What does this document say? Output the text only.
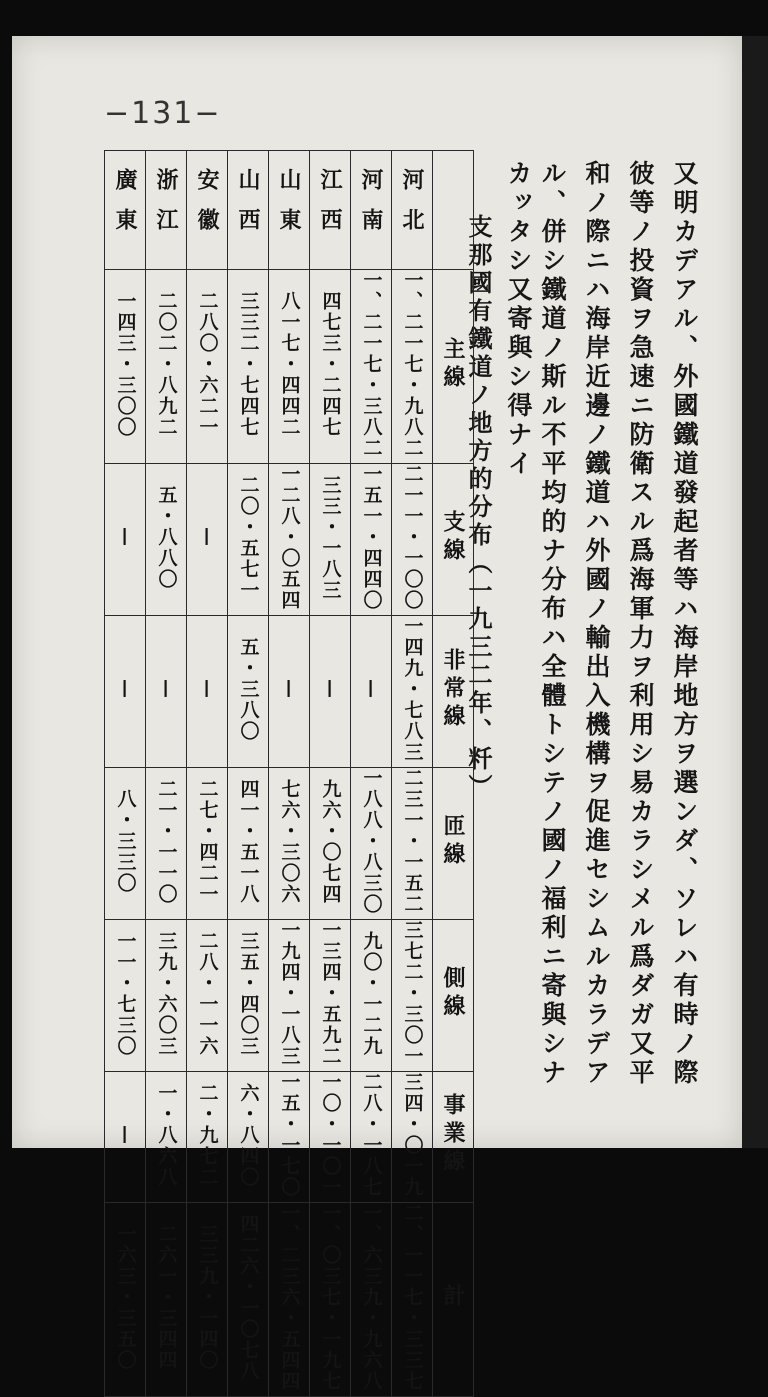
−131−
又明カデアル、外國鐵道發起者等ハ海岸地方ヲ選ンダ、ソレハ有時ノ際
彼等ノ投資ヲ急速ニ防衛スル爲海軍力ヲ利用シ易カラシメル爲ダガ又平
和ノ際ニハ海岸近邊ノ鐵道ハ外國ノ輸出入機構ヲ促進セシムルカラデア
ル、併シ鐵道ノ斯ル不平均的ナ分布ハ全體トシテノ國ノ福利ニ寄與シナ
カッタシ又寄與シ得ナイ
支那國有鐵道ノ地方的分布（一九三二年、粁）
廣東	浙江	安徽	山西	山東	江西	河南	河北	
一四三・三〇〇	二〇二・八九二	二八〇・六二一	三三二・七四七	八一七・四四二	四七三・二四七	一、二一七・三八二	一、二一七・九八二	主線
—	五・八八〇	—	二〇・五七一	一二八・〇五四	三三・一八三	一五一・四四〇	二一一・一〇〇	支線
—	—	—	五・三八〇	—	—	—	一四九・七八三	非常線
八・三三〇	二一・一一〇	二七・四二一	四一・五一八	七六・三〇六	九六・〇七四	一八八・八三〇	二三一・一五二	匝線
一一・七三〇	三九・六〇三	二八・一一六	三五・四〇三	一九四・一八三	一三四・五九二	九〇・一二九	三七二・三〇一	側線
—	一・八六八	二・九七二	六・八四〇	一五・一七〇	一〇・一〇一	二八・一八七	三四・〇一九	事業線
一六三・三五〇	二六一・三四四	三三九・一四〇	四二六・一〇七八	一、二三六・五四四	一、〇三七・一九七	一、六三九・九六八	二、一一七・三三七	計
